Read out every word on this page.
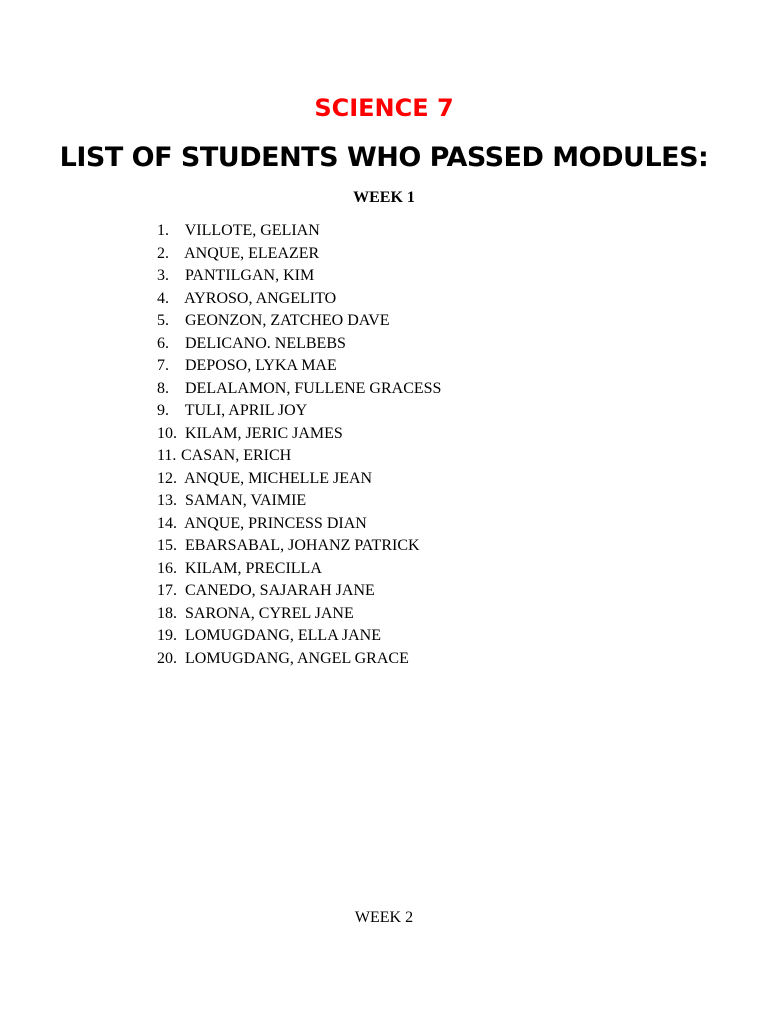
SCIENCE 7
LIST OF STUDENTS WHO PASSED MODULES:
WEEK 1
1. VILLOTE, GELIAN
2. ANQUE, ELEAZER
3. PANTILGAN, KIM
4. AYROSO, ANGELITO
5. GEONZON, ZATCHEO DAVE
6. DELICANO. NELBEBS
7. DEPOSO, LYKA MAE
8. DELALAMON, FULLENE GRACESS
9. TULI, APRIL JOY
10. KILAM, JERIC JAMES
11. CASAN, ERICH
12. ANQUE, MICHELLE JEAN
13. SAMAN, VAIMIE
14. ANQUE, PRINCESS DIAN
15. EBARSABAL, JOHANZ PATRICK
16. KILAM, PRECILLA
17. CANEDO, SAJARAH JANE
18. SARONA, CYREL JANE
19. LOMUGDANG, ELLA JANE
20. LOMUGDANG, ANGEL GRACE

WEEK 2
